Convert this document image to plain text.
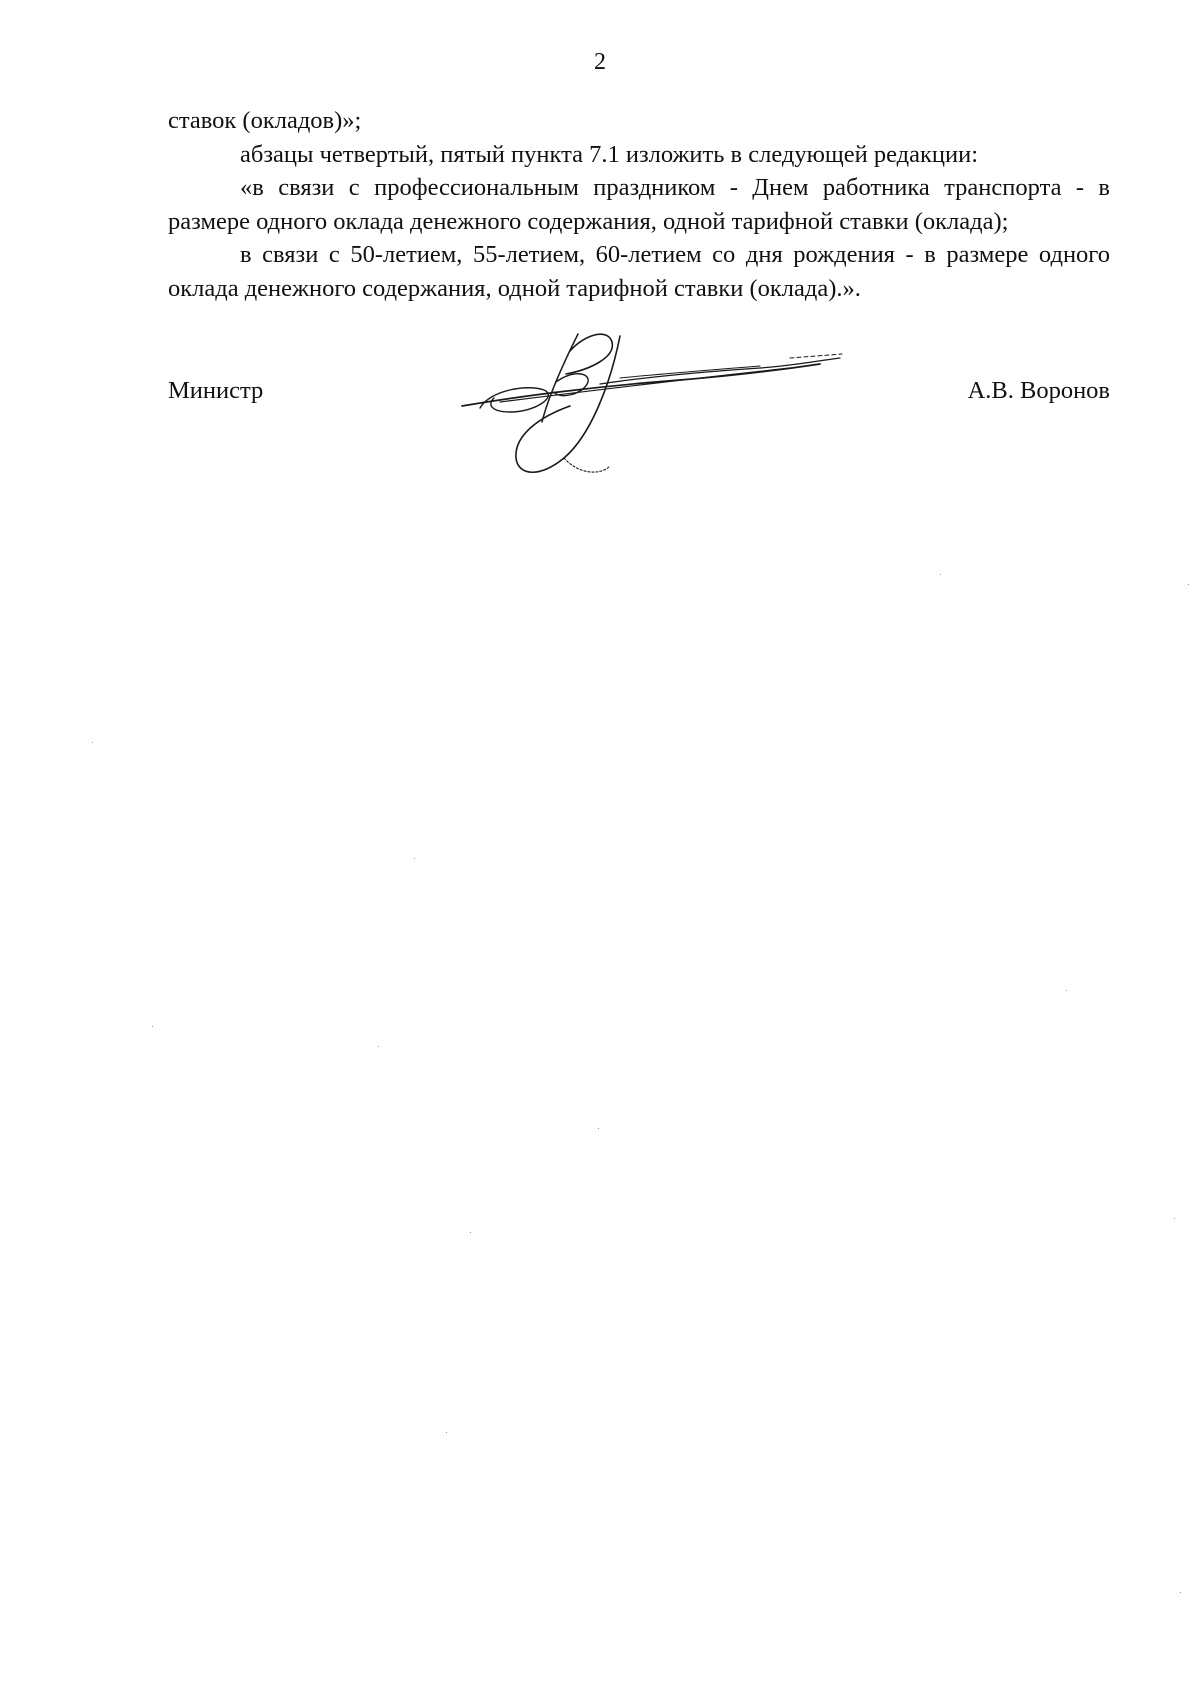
2

ставок (окладов)»;

абзацы четвертый, пятый пункта 7.1 изложить в следующей редакции:

«в связи с профессиональным праздником - Днем работника транспорта - в размере одного оклада денежного содержания, одной тарифной ставки (оклада);

в связи с 50-летием, 55-летием, 60-летием со дня рождения - в размере одного оклада денежного содержания, одной тарифной ставки (оклада).».

Министр	А.В. Воронов
